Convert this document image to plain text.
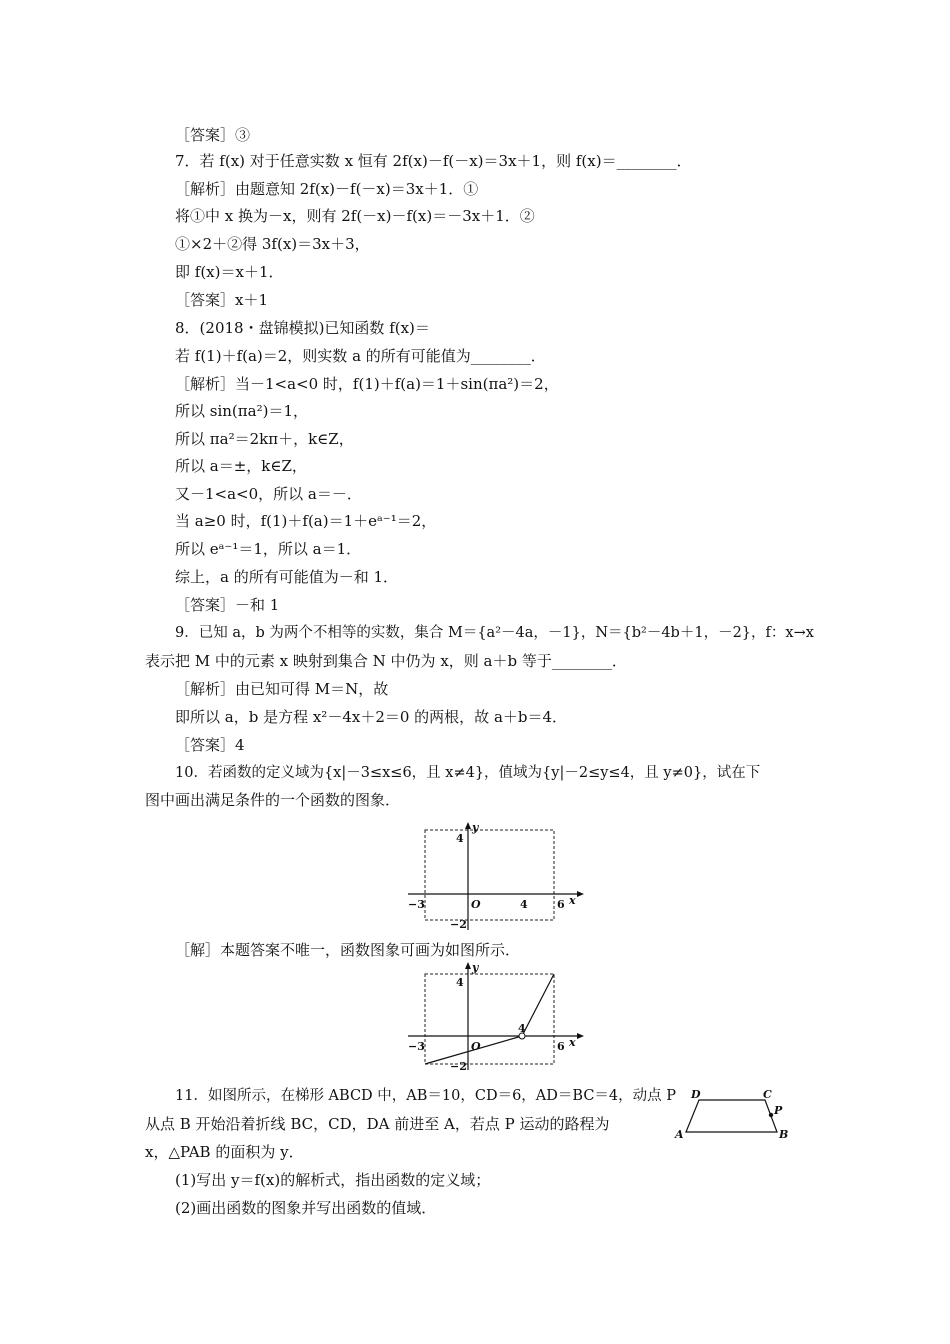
［答案］③
7．若 f(x) 对于任意实数 x 恒有 2f(x)－f(－x)＝3x＋1，则 f(x)＝________．
［解析］由题意知 2f(x)－f(－x)＝3x＋1．①
将①中 x 换为－x，则有 2f(－x)－f(x)＝－3x＋1．②
①×2＋②得 3f(x)＝3x＋3，
即 f(x)＝x＋1．
［答案］x＋1
8．(2018・盘锦模拟)已知函数 f(x)＝
若 f(1)＋f(a)＝2，则实数 a 的所有可能值为________．
［解析］当－1<a<0 时，f(1)＋f(a)＝1＋sin(πa²)＝2，
所以 sin(πa²)＝1，
所以 πa²＝2kπ＋，k∈Z，
所以 a＝±，k∈Z，
又－1<a<0，所以 a＝－．
当 a≥0 时，f(1)＋f(a)＝1＋eᵃ⁻¹＝2，
所以 eᵃ⁻¹＝1，所以 a＝1．
综上，a 的所有可能值为－和 1．
［答案］－和 1
9．已知 a，b 为两个不相等的实数，集合 M＝{a²－4a，－1}，N＝{b²－4b＋1，－2}，f：x→x
表示把 M 中的元素 x 映射到集合 N 中仍为 x，则 a＋b 等于________．
［解析］由已知可得 M＝N，故
即所以 a，b 是方程 x²－4x＋2＝0 的两根，故 a＋b＝4．
［答案］4
10．若函数的定义域为{x|－3≤x≤6，且 x≠4}，值域为{y|－2≤y≤4，且 y≠0}，试在下
图中画出满足条件的一个函数的图象．
［解］本题答案不唯一，函数图象可画为如图所示．
11．如图所示，在梯形 ABCD 中，AB＝10，CD＝6，AD＝BC＝4，动点 P
从点 B 开始沿着折线 BC，CD，DA 前进至 A，若点 P 运动的路程为
x，△PAB 的面积为 y．
(1)写出 y＝f(x)的解析式，指出函数的定义域；
(2)画出函数的图象并写出函数的值域．
y
x
4
−3	O	4	6
−2
y
x
4
−3	O
4
6
−2
D	C
P
A	B
